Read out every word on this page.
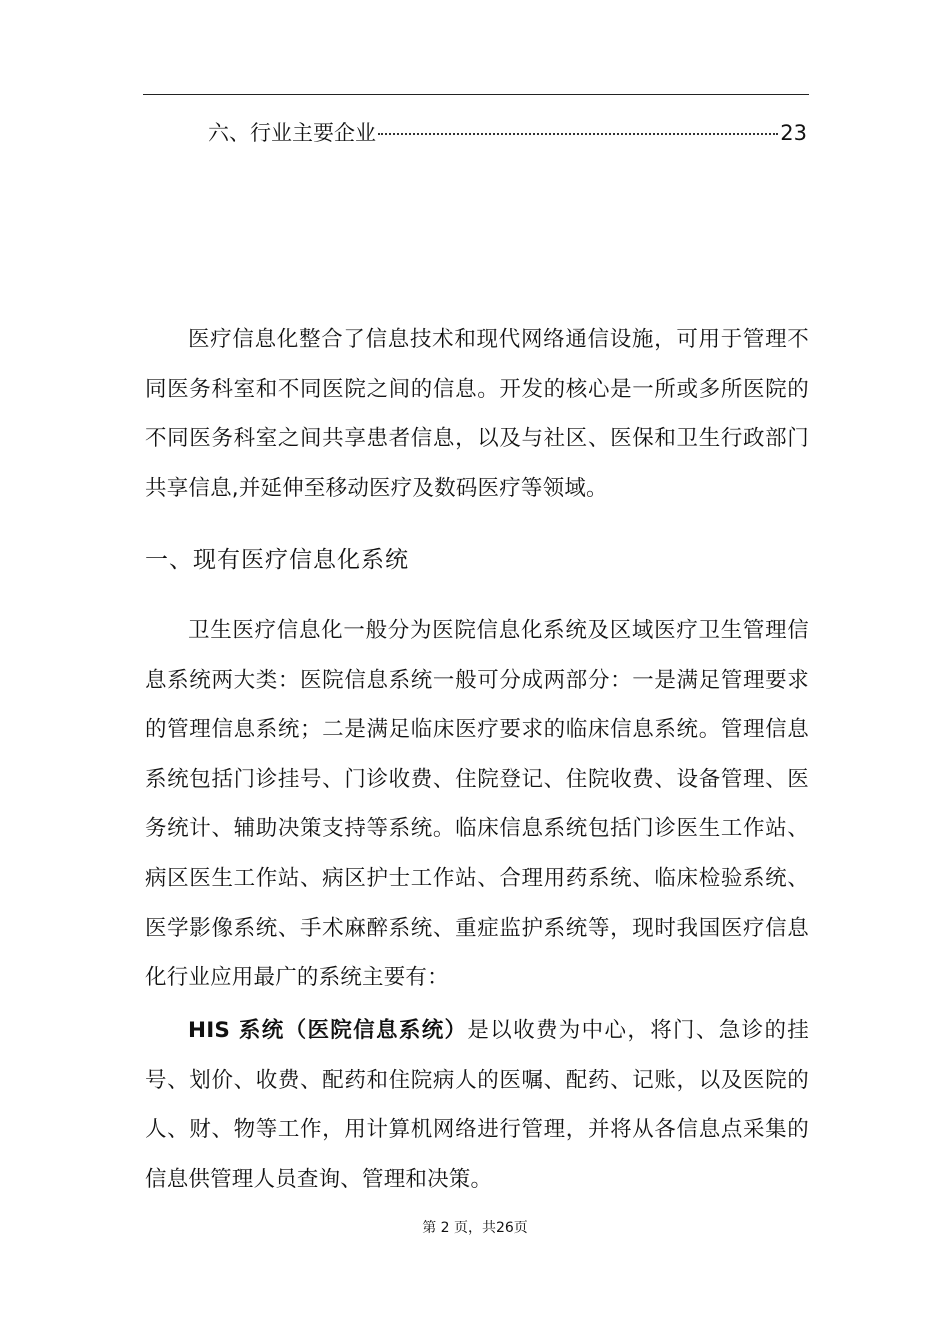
六、行业主要企业	23

医疗信息化整合了信息技术和现代网络通信设施，可用于管理不同医务科室和不同医院之间的信息。开发的核心是一所或多所医院的不同医务科室之间共享患者信息，以及与社区、医保和卫生行政部门共享信息,并延伸至移动医疗及数码医疗等领域。

一、现有医疗信息化系统

卫生医疗信息化一般分为医院信息化系统及区域医疗卫生管理信息系统两大类：医院信息系统一般可分成两部分：一是满足管理要求的管理信息系统；二是满足临床医疗要求的临床信息系统。管理信息系统包括门诊挂号、门诊收费、住院登记、住院收费、设备管理、医务统计、辅助决策支持等系统。临床信息系统包括门诊医生工作站、病区医生工作站、病区护士工作站、合理用药系统、临床检验系统、医学影像系统、手术麻醉系统、重症监护系统等，现时我国医疗信息化行业应用最广的系统主要有：

HIS 系统（医院信息系统）是以收费为中心，将门、急诊的挂号、划价、收费、配药和住院病人的医嘱、配药、记账，以及医院的人、财、物等工作，用计算机网络进行管理，并将从各信息点采集的信息供管理人员查询、管理和决策。

第 2 页，共26页
